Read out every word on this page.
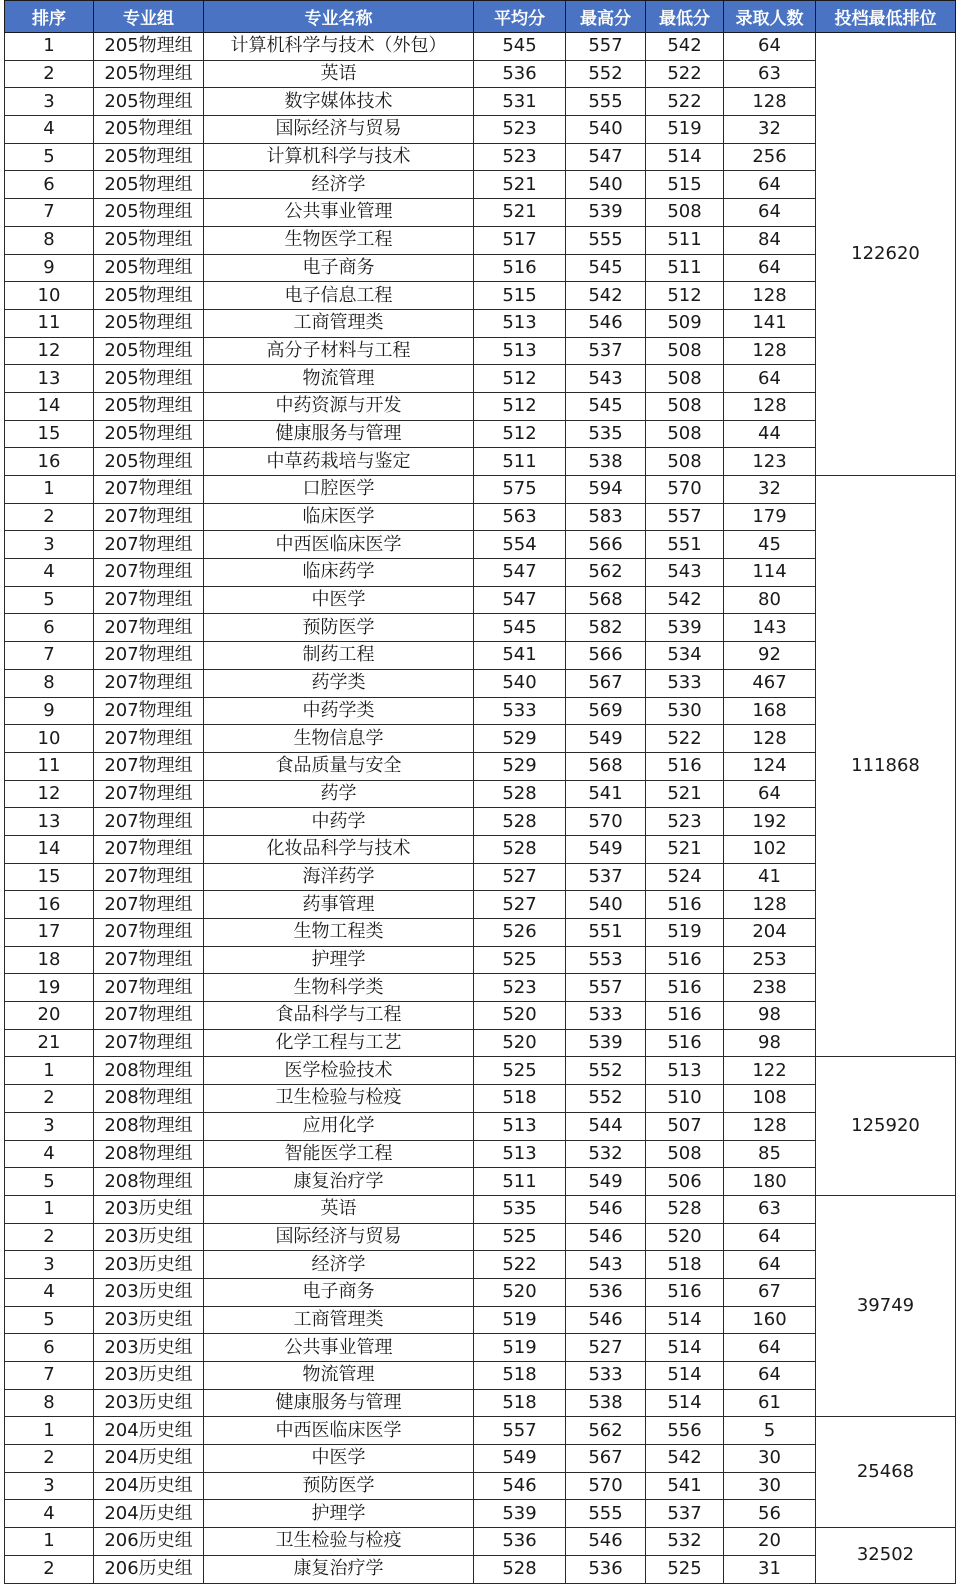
排序	专业组	专业名称	平均分	最高分	最低分	录取人数	投档最低排位
1	205物理组	计算机科学与技术（外包）	545	557	542	64	122620
2	205物理组	英语	536	552	522	63	
3	205物理组	数字媒体技术	531	555	522	128	
4	205物理组	国际经济与贸易	523	540	519	32	
5	205物理组	计算机科学与技术	523	547	514	256	
6	205物理组	经济学	521	540	515	64	
7	205物理组	公共事业管理	521	539	508	64	
8	205物理组	生物医学工程	517	555	511	84	
9	205物理组	电子商务	516	545	511	64	
10	205物理组	电子信息工程	515	542	512	128	
11	205物理组	工商管理类	513	546	509	141	
12	205物理组	高分子材料与工程	513	537	508	128	
13	205物理组	物流管理	512	543	508	64	
14	205物理组	中药资源与开发	512	545	508	128	
15	205物理组	健康服务与管理	512	535	508	44	
16	205物理组	中草药栽培与鉴定	511	538	508	123	
1	207物理组	口腔医学	575	594	570	32	111868
2	207物理组	临床医学	563	583	557	179	
3	207物理组	中西医临床医学	554	566	551	45	
4	207物理组	临床药学	547	562	543	114	
5	207物理组	中医学	547	568	542	80	
6	207物理组	预防医学	545	582	539	143	
7	207物理组	制药工程	541	566	534	92	
8	207物理组	药学类	540	567	533	467	
9	207物理组	中药学类	533	569	530	168	
10	207物理组	生物信息学	529	549	522	128	
11	207物理组	食品质量与安全	529	568	516	124	
12	207物理组	药学	528	541	521	64	
13	207物理组	中药学	528	570	523	192	
14	207物理组	化妆品科学与技术	528	549	521	102	
15	207物理组	海洋药学	527	537	524	41	
16	207物理组	药事管理	527	540	516	128	
17	207物理组	生物工程类	526	551	519	204	
18	207物理组	护理学	525	553	516	253	
19	207物理组	生物科学类	523	557	516	238	
20	207物理组	食品科学与工程	520	533	516	98	
21	207物理组	化学工程与工艺	520	539	516	98	
1	208物理组	医学检验技术	525	552	513	122	125920
2	208物理组	卫生检验与检疫	518	552	510	108	
3	208物理组	应用化学	513	544	507	128	
4	208物理组	智能医学工程	513	532	508	85	
5	208物理组	康复治疗学	511	549	506	180	
1	203历史组	英语	535	546	528	63	39749
2	203历史组	国际经济与贸易	525	546	520	64	
3	203历史组	经济学	522	543	518	64	
4	203历史组	电子商务	520	536	516	67	
5	203历史组	工商管理类	519	546	514	160	
6	203历史组	公共事业管理	519	527	514	64	
7	203历史组	物流管理	518	533	514	64	
8	203历史组	健康服务与管理	518	538	514	61	
1	204历史组	中西医临床医学	557	562	556	5	25468
2	204历史组	中医学	549	567	542	30	
3	204历史组	预防医学	546	570	541	30	
4	204历史组	护理学	539	555	537	56	
1	206历史组	卫生检验与检疫	536	546	532	20	32502
2	206历史组	康复治疗学	528	536	525	31	
